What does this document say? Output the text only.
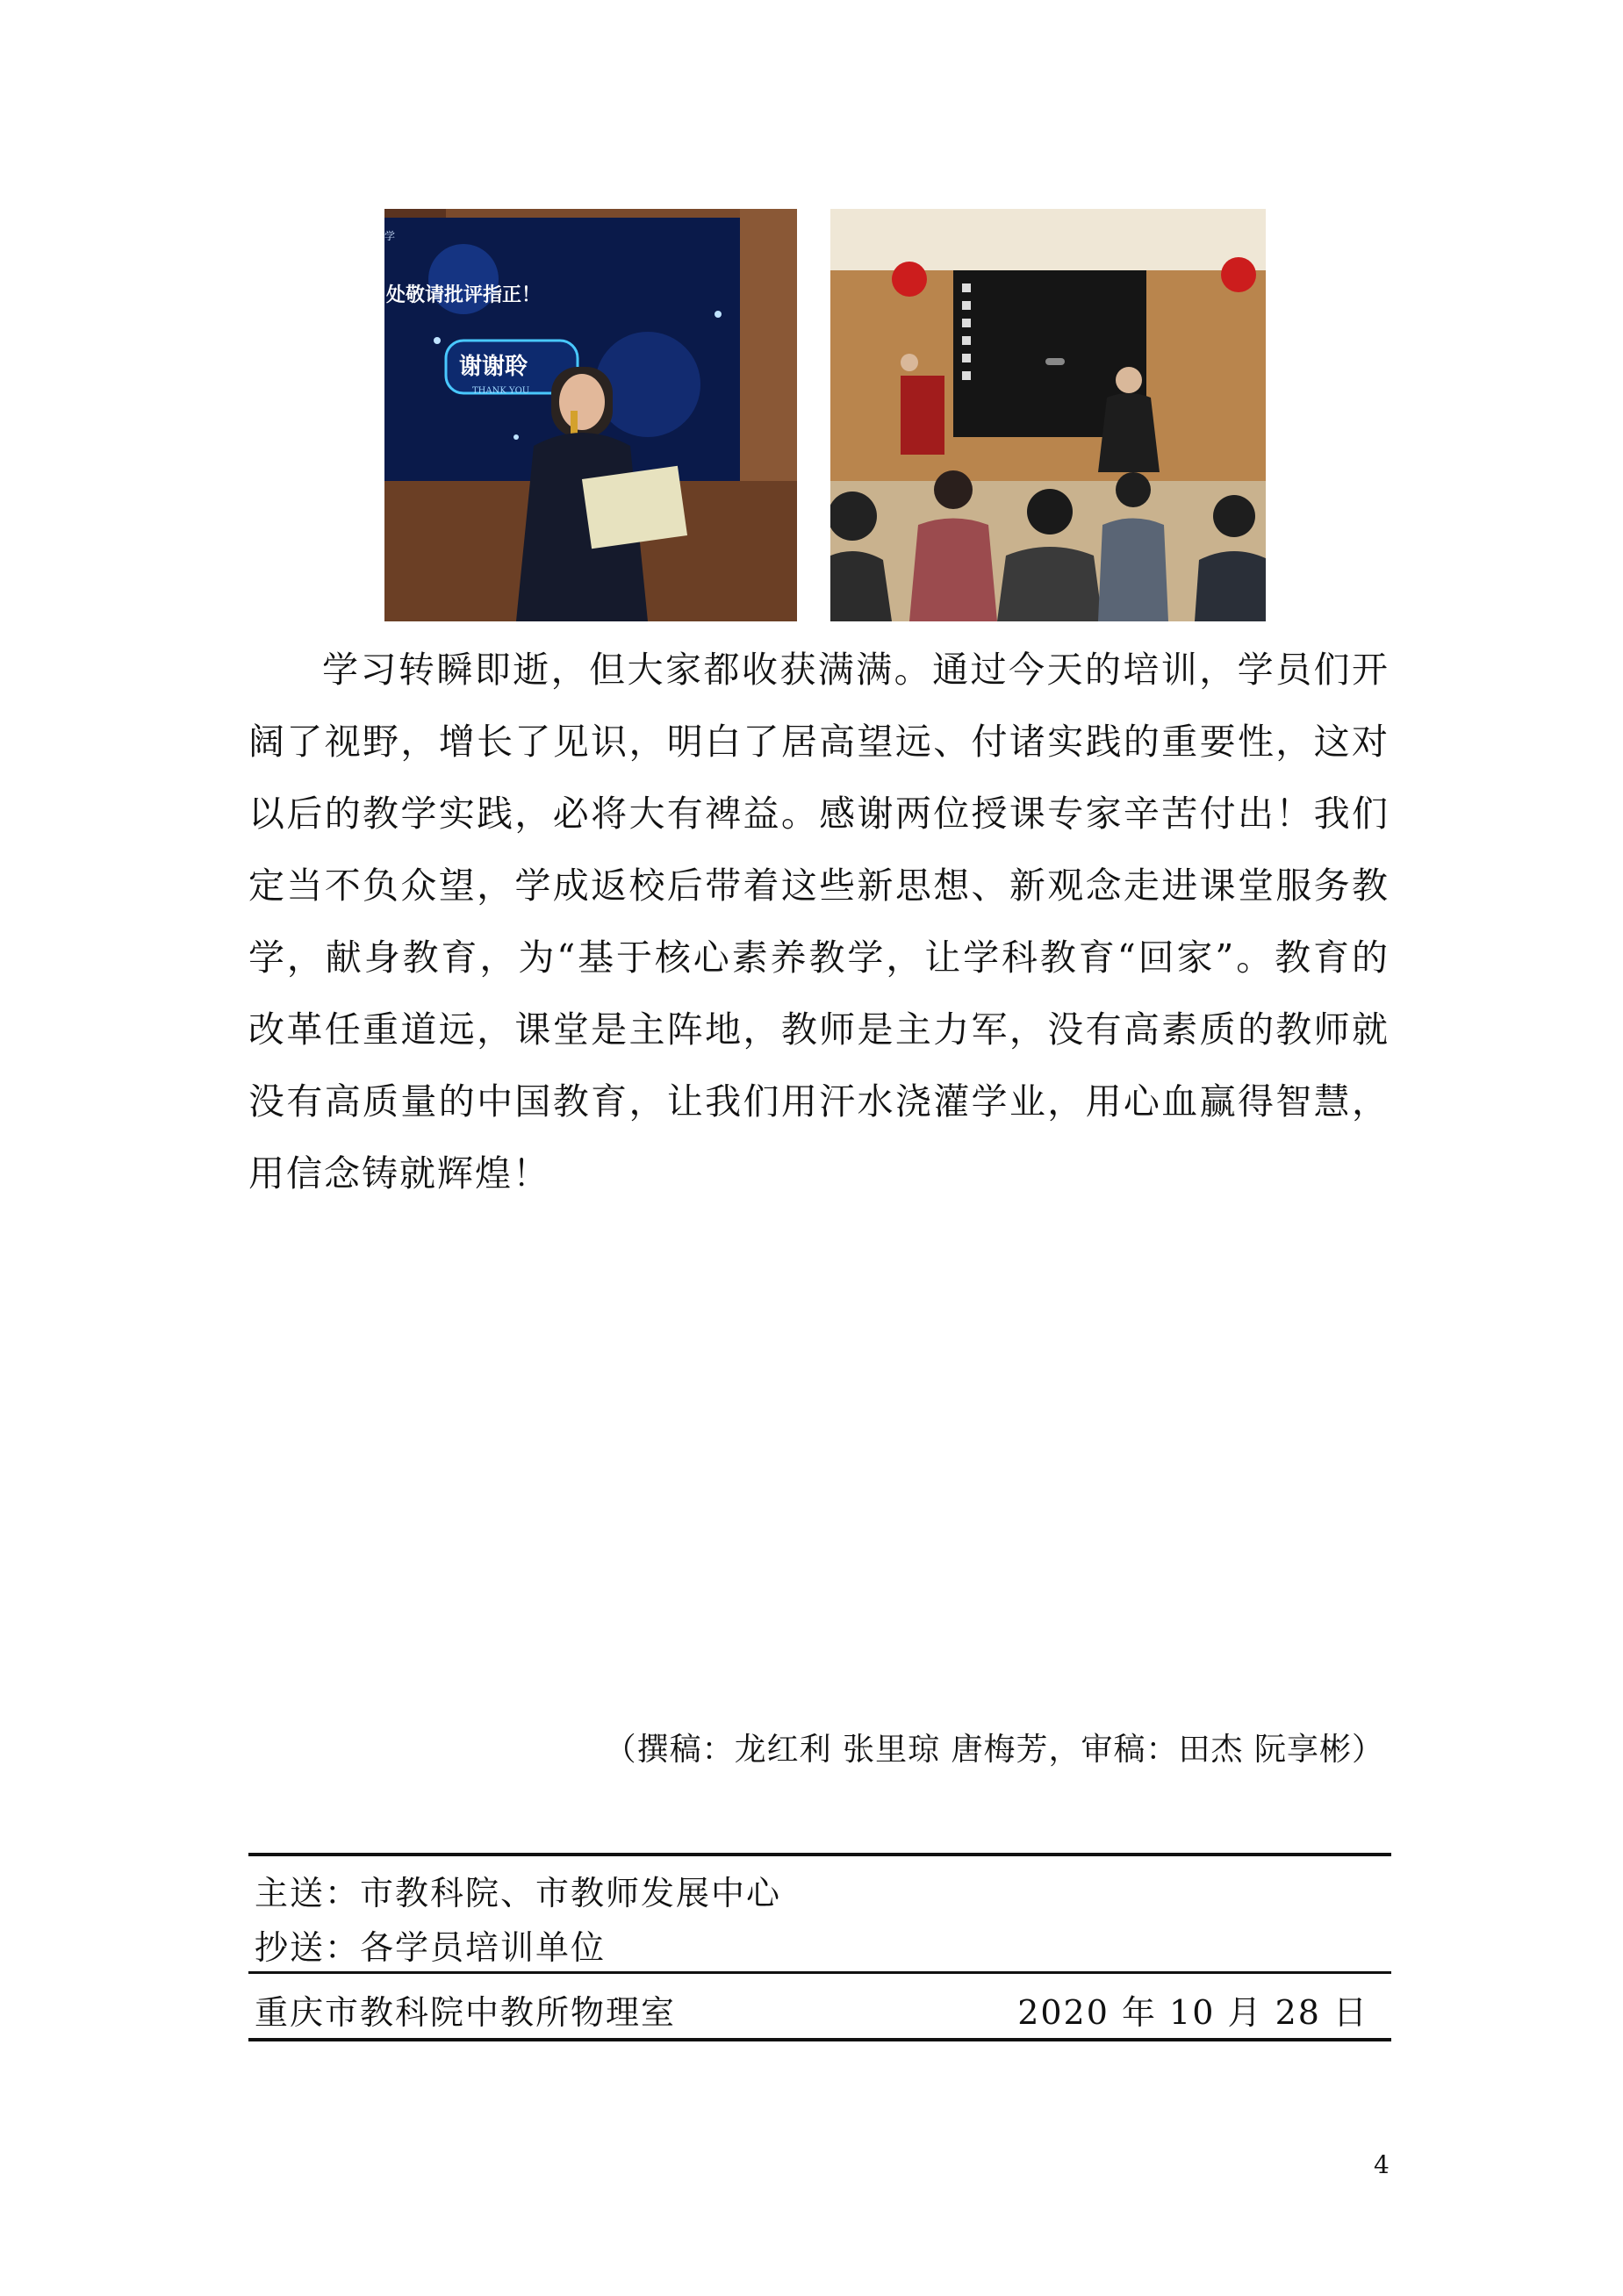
学
处敬请批评指正！
谢谢聆
THANK YOU

学习转瞬即逝，但大家都收获满满。通过今天的培训，学员们开阔了视野，增长了见识，明白了居高望远、付诸实践的重要性，这对以后的教学实践，必将大有裨益。感谢两位授课专家辛苦付出！我们定当不负众望，学成返校后带着这些新思想、新观念走进课堂服务教学，献身教育，为“基于核心素养教学，让学科教育“回家”。教育的改革任重道远，课堂是主阵地，教师是主力军，没有高素质的教师就没有高质量的中国教育，让我们用汗水浇灌学业，用心血赢得智慧，用信念铸就辉煌！

（撰稿：龙红利 张里琼 唐梅芳，审稿：田杰 阮享彬）
主送：市教科院、市教师发展中心
抄送：各学员培训单位
重庆市教科院中教所物理室	2020 年 10 月 28 日
4
